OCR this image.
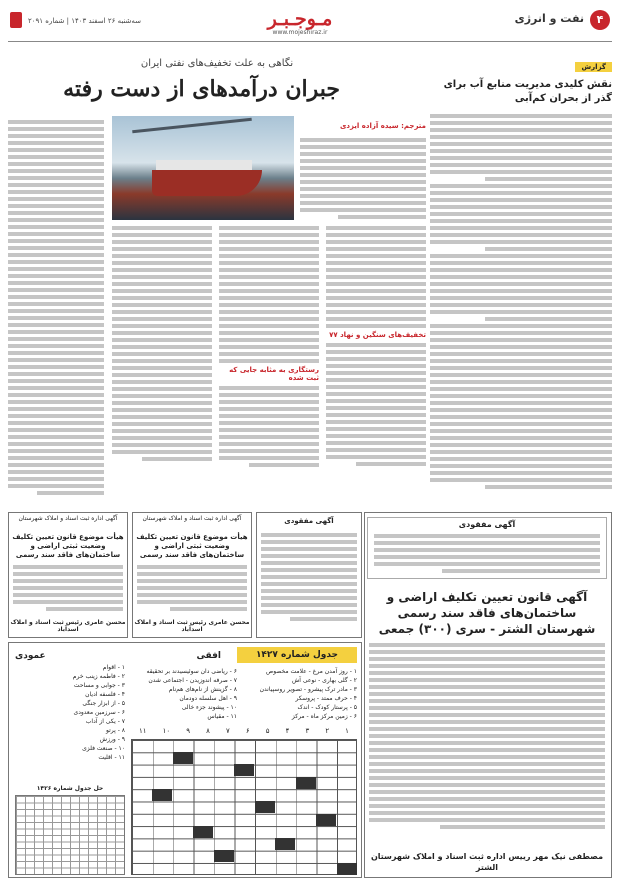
۴
نفت و انرژی
مـوجـبـر
www.mojeshiraz.ir
سه‌شنبه ۲۶ اسفند ۱۴۰۳ | شماره ۲۰۹۱
گزارش
نقش کلیدی مدیریت منابع آب برای گذر از بحران کم‌آبی
نگاهی به علت تخفیف‌های نفتی ایران
جبران درآمدهای از دست رفته
مترجم: سیده آزاده ایزدی
تخفیف‌های سنگین و نهاد ۷۷
رستگاری به مثابه جایی که ثبت شده
آگهی مفقودی
آگهی قانون تعیین تکلیف اراضی و ساختمان‌های فاقد سند رسمی شهرستان الشتر - سری (۳۰۰) جمعی
مصطفی نیک مهر رییس اداره ثبت اسناد و املاک شهرستان الشتر
آگهی اداره ثبت اسناد و املاک شهرستان
هیأت موضوع قانون تعیین تکلیف وضعیت ثبتی اراضی و ساختمان‌های فاقد سند رسمی
محسن عامری رئیس ثبت اسناد و املاک اسدآباد
آگهی اداره ثبت اسناد و املاک شهرستان
هیأت موضوع قانون تعیین تکلیف وضعیت ثبتی اراضی و ساختمان‌های فاقد سند رسمی
محسن عامری رئیس ثبت اسناد و املاک اسدآباد
آگهی مفقودی
جدول شماره ۱۴۲۷
افقی
عمودی
۱ - روز آمدن مرغ - علامت مخصوص
۲ - گلی بهاری - نوعی آش
۳ - مادر ترک پیشرو - تصویر روسپیاندن
۴ - حرف ممتد - پروسکر
۵ - پرستار کودک - اندک
۶ - زمین مرکز ماه - مرکز
۶ - ریاضی دان سوئیسیدند بر تحقیقه
۷ - صرفه اندوزیدن - اجتماعی شدن
۸ - گزینش از نام‌های هم‌نام
۹ - اهل سلسله دودمان
۱۰ - پیشوند جزء خالی
۱۱ - مقیاس
۱ - اقوام
۲ - فاطمه زینب خرم
۳ - جوابی و مساحت
۴ - فلسفه ادیان
۵ - از ابزار جنگی
۶ - سرزمین معدودی
۷ - یکی از آداب
۸ - پرتو
۹ - ورزش
۱۰ - صنعت فلزی
۱۱ - اقلیت
۱۱ ۱۰ ۹ ۸ ۷ ۶ ۵ ۴ ۳ ۲ ۱
حل جدول شماره ۱۴۲۶
